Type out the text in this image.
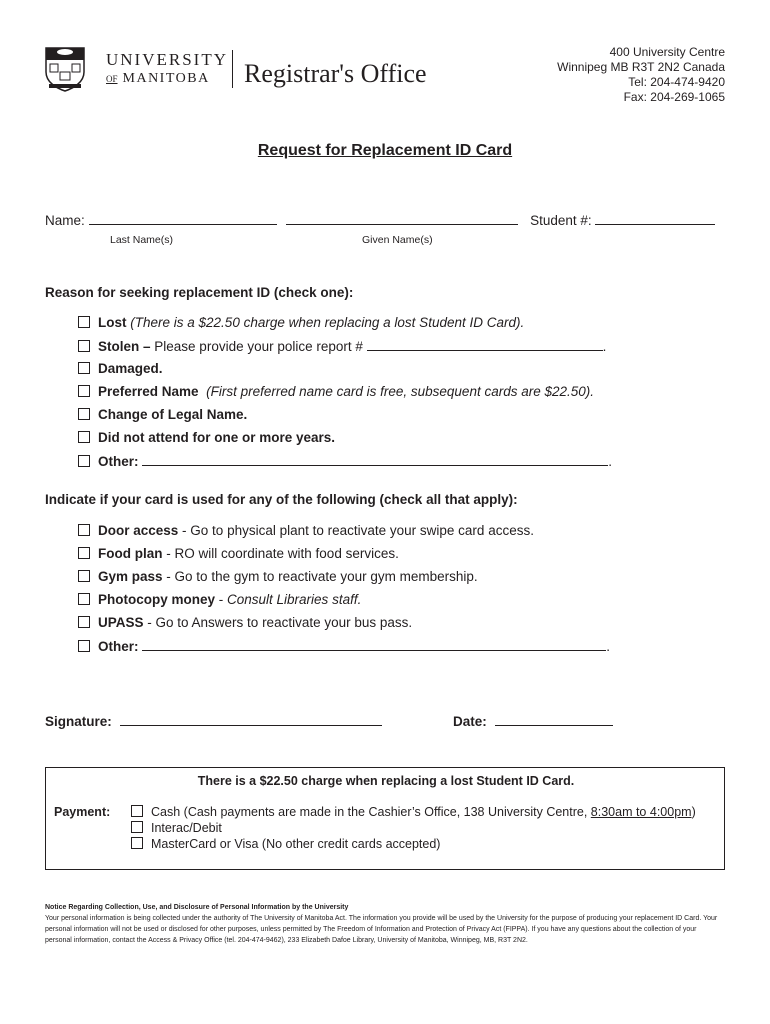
UNIVERSITY
OF MANITOBA Registrar's Office
400 University Centre
Winnipeg MB R3T 2N2 Canada
Tel: 204-474-9420
Fax: 204-269-1065
Request for Replacement ID Card
Name:	Student #:
Last Name(s)	Given Name(s)
Reason for seeking replacement ID (check one):
Lost (There is a $22.50 charge when replacing a lost Student ID Card).
Stolen – Please provide your police report #	.
Damaged.
Preferred Name (First preferred name card is free, subsequent cards are $22.50).
Change of Legal Name.
Did not attend for one or more years.
Other:	.
Indicate if your card is used for any of the following (check all that apply):
Door access - Go to physical plant to reactivate your swipe card access.
Food plan - RO will coordinate with food services.
Gym pass - Go to the gym to reactivate your gym membership.
Photocopy money - Consult Libraries staff.
UPASS - Go to Answers to reactivate your bus pass.
Other:	.
Signature:	Date:
There is a $22.50 charge when replacing a lost Student ID Card.
Payment:	Cash (Cash payments are made in the Cashier’s Office, 138 University Centre, 8:30am to 4:00pm)
Interac/Debit
MasterCard or Visa (No other credit cards accepted)
Notice Regarding Collection, Use, and Disclosure of Personal Information by the University
Your personal information is being collected under the authority of The University of Manitoba Act. The information you provide will be used by the University for the purpose of producing your replacement ID Card. Your personal information will not be used or disclosed for other purposes, unless permitted by The Freedom of Information and Protection of Privacy Act (FIPPA). If you have any questions about the collection of your personal information, contact the Access & Privacy Office (tel. 204-474-9462), 233 Elizabeth Dafoe Library, University of Manitoba, Winnipeg, MB, R3T 2N2.
